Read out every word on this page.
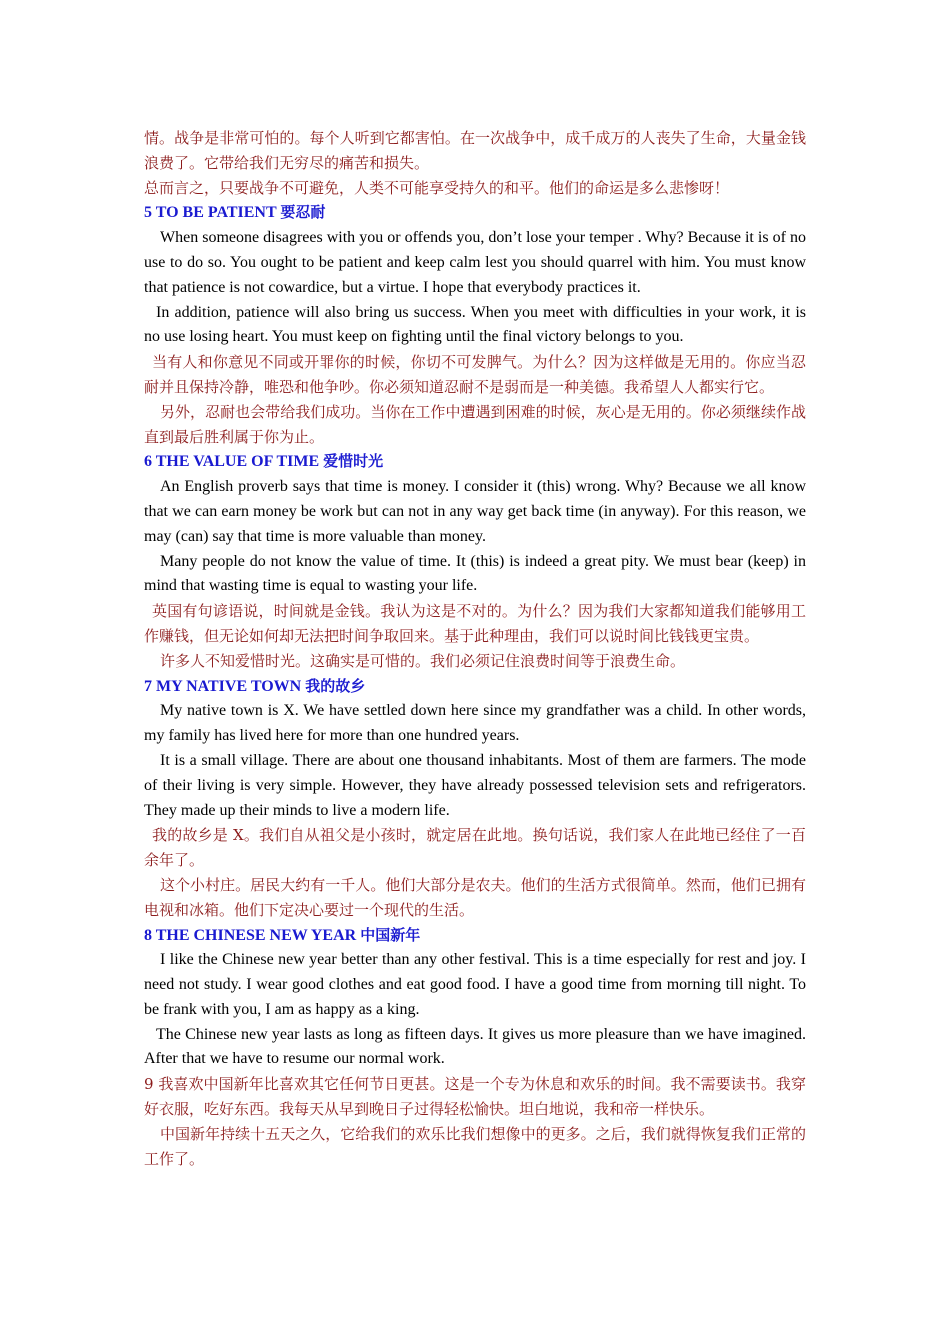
情。战争是非常可怕的。每个人听到它都害怕。在一次战争中，成千成万的人丧失了生命，大量金钱浪费了。它带给我们无穷尽的痛苦和损失。

总而言之，只要战争不可避免，人类不可能享受持久的和平。他们的命运是多么悲惨呀！

5 TO BE PATIENT 要忍耐

When someone disagrees with you or offends you, don’t lose your temper . Why? Because it is of no use to do so. You ought to be patient and keep calm lest you should quarrel with him. You must know that patience is not cowardice, but a virtue. I hope that everybody practices it.

In addition, patience will also bring us success. When you meet with difficulties in your work, it is no use losing heart. You must keep on fighting until the final victory belongs to you.

当有人和你意见不同或开罪你的时候，你切不可发脾气。为什么？因为这样做是无用的。你应当忍耐并且保持冷静，唯恐和他争吵。你必须知道忍耐不是弱而是一种美德。我希望人人都实行它。

另外，忍耐也会带给我们成功。当你在工作中遭遇到困难的时候，灰心是无用的。你必须继续作战直到最后胜利属于你为止。

6 THE VALUE OF TIME 爱惜时光

An English proverb says that time is money. I consider it (this) wrong. Why? Because we all know that we can earn money be work but can not in any way get back time (in anyway). For this reason, we may (can) say that time is more valuable than money.

Many people do not know the value of time. It (this) is indeed a great pity. We must bear (keep) in mind that wasting time is equal to wasting your life.

英国有句谚语说，时间就是金钱。我认为这是不对的。为什么？因为我们大家都知道我们能够用工作赚钱，但无论如何却无法把时间争取回来。基于此种理由，我们可以说时间比钱钱更宝贵。

许多人不知爱惜时光。这确实是可惜的。我们必须记住浪费时间等于浪费生命。

7 MY NATIVE TOWN 我的故乡

My native town is X. We have settled down here since my grandfather was a child. In other words, my family has lived here for more than one hundred years.

It is a small village. There are about one thousand inhabitants. Most of them are farmers. The mode of their living is very simple. However, they have already possessed television sets and refrigerators. They made up their minds to live a modern life.

我的故乡是 X。我们自从祖父是小孩时，就定居在此地。换句话说，我们家人在此地已经住了一百余年了。

这个小村庄。居民大约有一千人。他们大部分是农夫。他们的生活方式很简单。然而，他们已拥有电视和冰箱。他们下定决心要过一个现代的生活。

8 THE CHINESE NEW YEAR 中国新年

I like the Chinese new year better than any other festival. This is a time especially for rest and joy. I need not study. I wear good clothes and eat good food. I have a good time from morning till night. To be frank with you, I am as happy as a king.

The Chinese new year lasts as long as fifteen days. It gives us more pleasure than we have imagined. After that we have to resume our normal work.

9 我喜欢中国新年比喜欢其它任何节日更甚。这是一个专为休息和欢乐的时间。我不需要读书。我穿好衣服，吃好东西。我每天从早到晚日子过得轻松愉快。坦白地说，我和帝一样快乐。

中国新年持续十五天之久，它给我们的欢乐比我们想像中的更多。之后，我们就得恢复我们正常的工作了。
